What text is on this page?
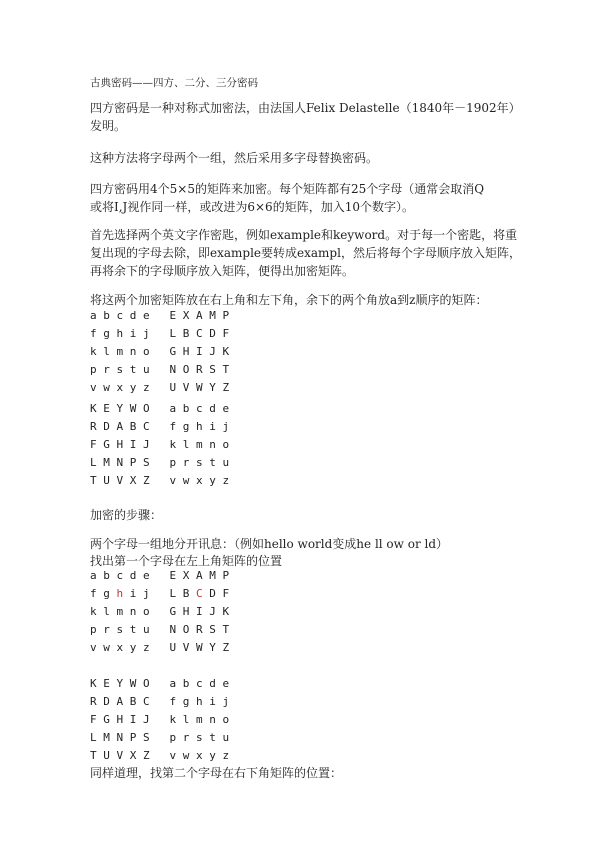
古典密码——四方、二分、三分密码
四方密码是一种对称式加密法，由法国人Felix Delastelle（1840年－1902年）
发明。
这种方法将字母两个一组，然后采用多字母替换密码。
四方密码用4个5×5的矩阵来加密。每个矩阵都有25个字母（通常会取消Q
或将I,J视作同一样，或改进为6×6的矩阵，加入10个数字）。
首先选择两个英文字作密匙，例如example和keyword。对于每一个密匙，将重
复出现的字母去除，即example要转成exampl，然后将每个字母顺序放入矩阵，
再将余下的字母顺序放入矩阵，便得出加密矩阵。
将这两个加密矩阵放在右上角和左下角，余下的两个角放a到z顺序的矩阵：
a b c d e   E X A M P
f g h i j   L B C D F
k l m n o   G H I J K
p r s t u   N O R S T
v w x y z   U V W Y Z
K E Y W O   a b c d e
R D A B C   f g h i j
F G H I J   k l m n o
L M N P S   p r s t u
T U V X Z   v w x y z
加密的步骤：
两个字母一组地分开讯息：（例如hello world变成he ll ow or ld）
找出第一个字母在左上角矩阵的位置
a b c d e   E X A M P
f g h i j   L B C D F
k l m n o   G H I J K
p r s t u   N O R S T
v w x y z   U V W Y Z
K E Y W O   a b c d e
R D A B C   f g h i j
F G H I J   k l m n o
L M N P S   p r s t u
T U V X Z   v w x y z
同样道理，找第二个字母在右下角矩阵的位置：
